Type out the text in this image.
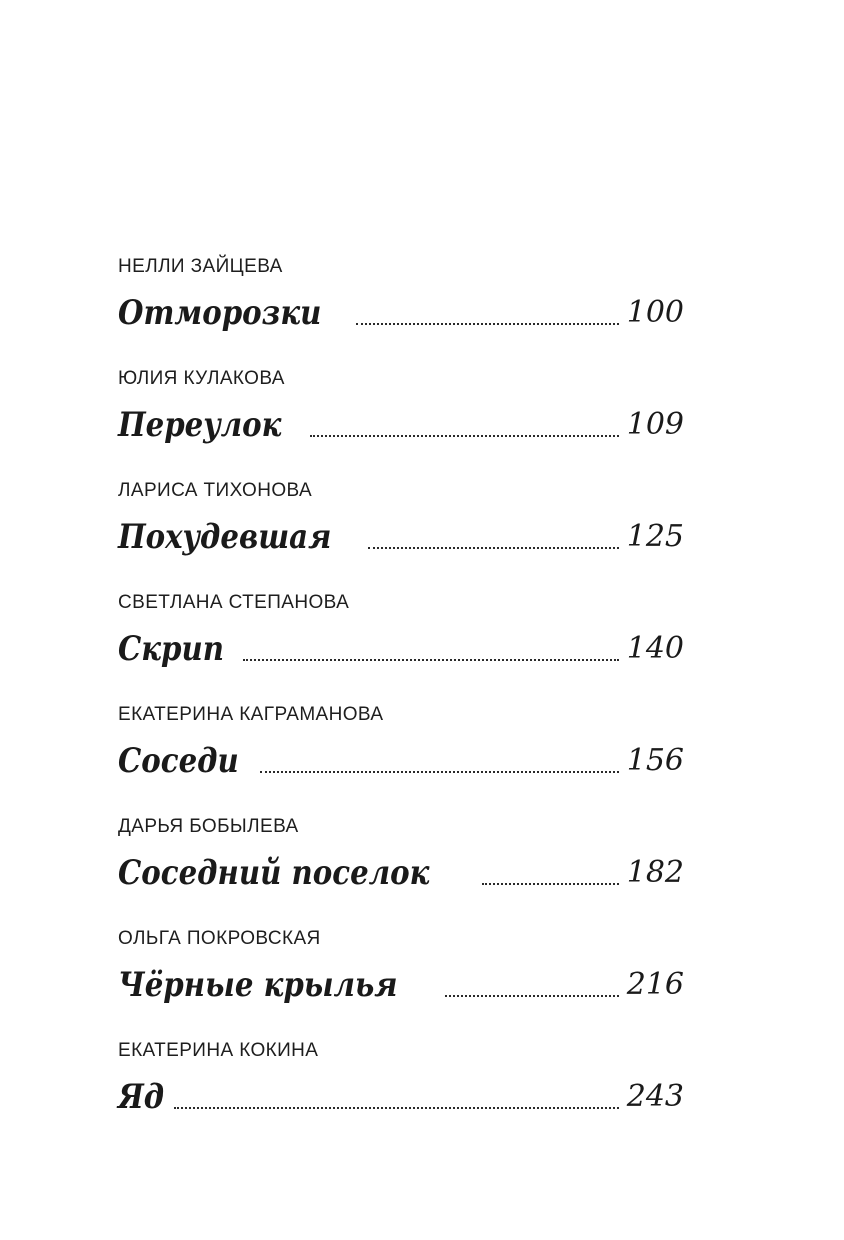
НЕЛЛИ ЗАЙЦЕВА
Отморозки	100
ЮЛИЯ КУЛАКОВА
Переулок	109
ЛАРИСА ТИХОНОВА
Похудевшая	125
СВЕТЛАНА СТЕПАНОВА
Скрип	140
ЕКАТЕРИНА КАГРАМАНОВА
Соседи	156
ДАРЬЯ БОБЫЛЕВА
Соседний поселок	182
ОЛЬГА ПОКРОВСКАЯ
Чёрные крылья	216
ЕКАТЕРИНА КОКИНА
Яд	243
